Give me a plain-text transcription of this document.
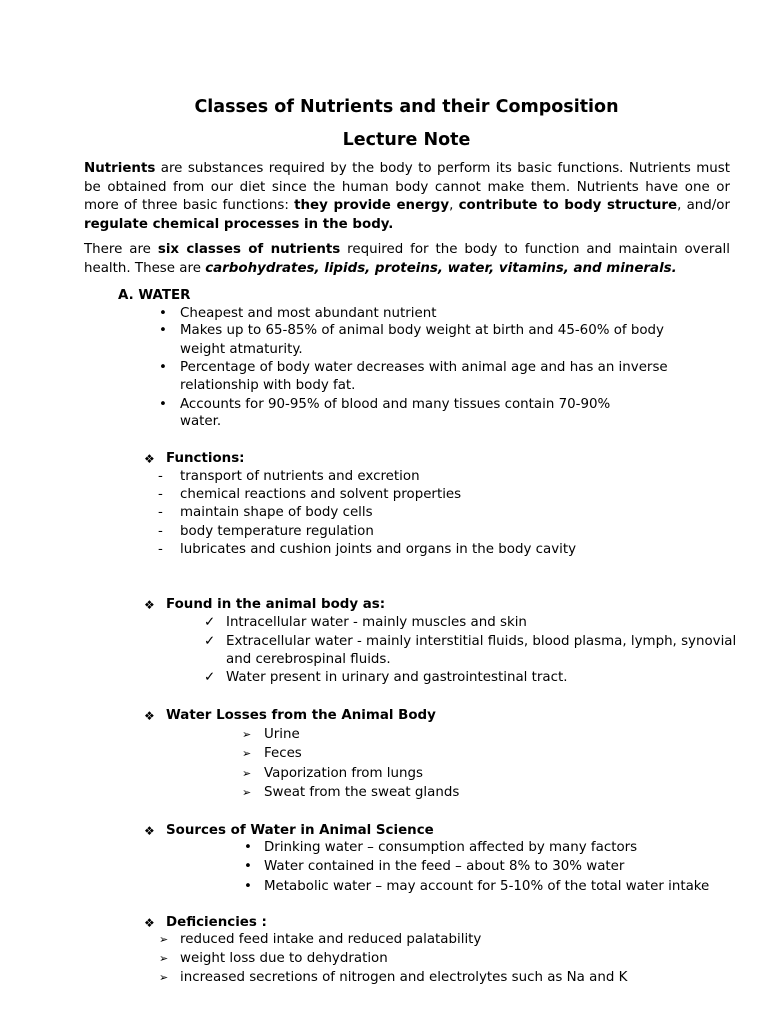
Classes of Nutrients and their Composition
Lecture Note

Nutrients are substances required by the body to perform its basic functions. Nutrients must be obtained from our diet since the human body cannot make them. Nutrients have one or more of three basic functions: they provide energy, contribute to body structure, and/or regulate chemical processes in the body.

There are six classes of nutrients required for the body to function and maintain overall health. These are carbohydrates, lipids, proteins, water, vitamins, and minerals.

A. WATER
• Cheapest and most abundant nutrient
• Makes up to 65-85% of animal body weight at birth and 45-60% of body
weight atmaturity.
• Percentage of body water decreases with animal age and has an inverse
relationship with body fat.
• Accounts for 90-95% of blood and many tissues contain 70-90%
water.
❖ Functions:
- transport of nutrients and excretion
- chemical reactions and solvent properties
- maintain shape of body cells
- body temperature regulation
- lubricates and cushion joints and organs in the body cavity
❖ Found in the animal body as:
✓ Intracellular water - mainly muscles and skin
✓ Extracellular water - mainly interstitial fluids, blood plasma, lymph, synovial
and cerebrospinal fluids.
✓ Water present in urinary and gastrointestinal tract.
❖ Water Losses from the Animal Body
➢ Urine
➢ Feces
➢ Vaporization from lungs
➢ Sweat from the sweat glands
❖ Sources of Water in Animal Science
• Drinking water – consumption affected by many factors
• Water contained in the feed – about 8% to 30% water
• Metabolic water – may account for 5-10% of the total water intake
❖ Deficiencies :
➢ reduced feed intake and reduced palatability
➢ weight loss due to dehydration
➢ increased secretions of nitrogen and electrolytes such as Na and K
